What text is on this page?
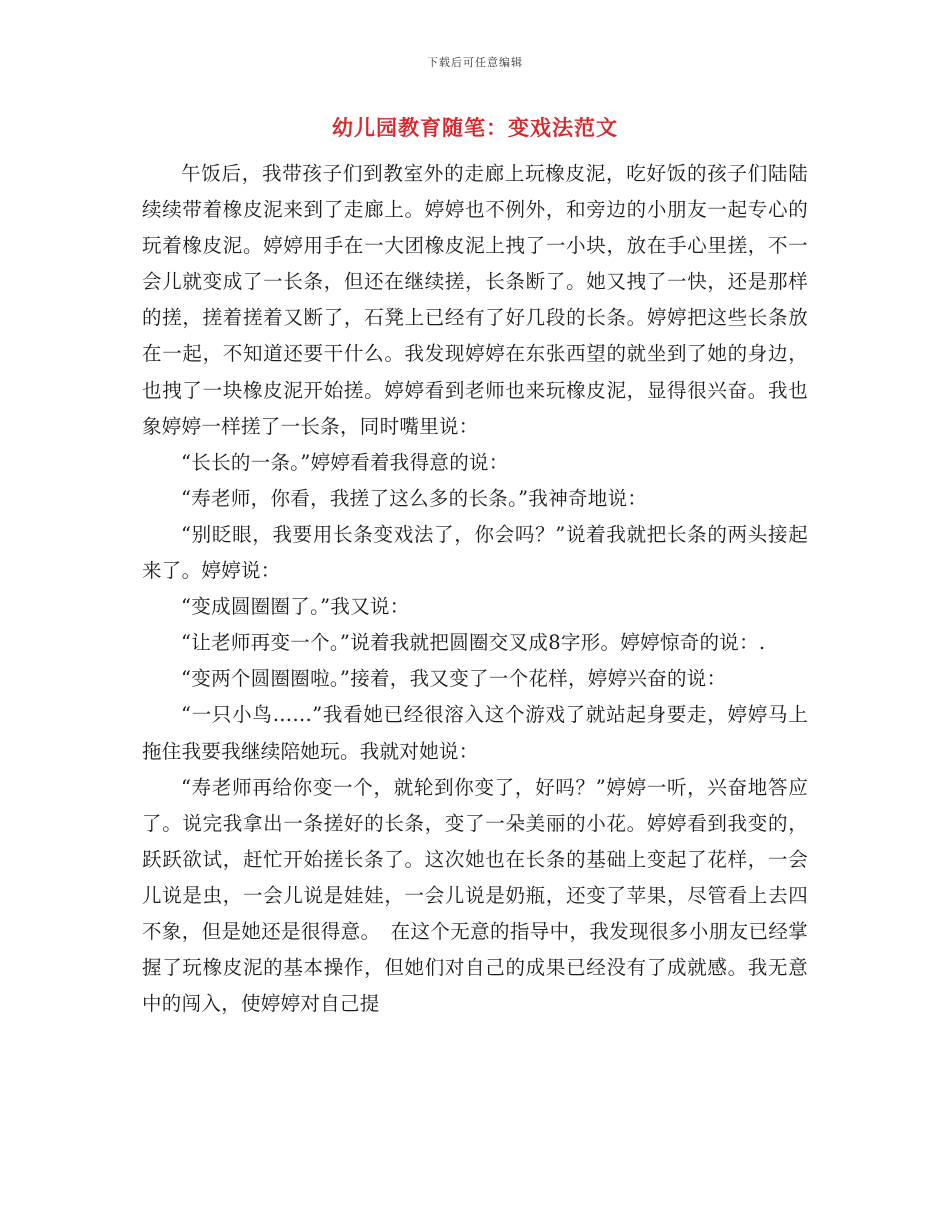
下载后可任意编辑
幼儿园教育随笔：变戏法范文

午饭后，我带孩子们到教室外的走廊上玩橡皮泥，吃好饭的孩子们陆陆续续带着橡皮泥来到了走廊上。婷婷也不例外，和旁边的小朋友一起专心的玩着橡皮泥。婷婷用手在一大团橡皮泥上拽了一小块，放在手心里搓，不一会儿就变成了一长条，但还在继续搓，长条断了。她又拽了一快，还是那样的搓，搓着搓着又断了，石凳上已经有了好几段的长条。婷婷把这些长条放在一起，不知道还要干什么。我发现婷婷在东张西望的就坐到了她的身边，也拽了一块橡皮泥开始搓。婷婷看到老师也来玩橡皮泥，显得很兴奋。我也象婷婷一样搓了一长条，同时嘴里说：

“长长的一条。”婷婷看着我得意的说：

“寿老师，你看，我搓了这么多的长条。”我神奇地说：

“别眨眼，我要用长条变戏法了，你会吗？”说着我就把长条的两头接起来了。婷婷说：

“变成圆圈圈了。”我又说：

“让老师再变一个。”说着我就把圆圈交叉成8字形。婷婷惊奇的说：.

“变两个圆圈圈啦。”接着，我又变了一个花样，婷婷兴奋的说：

“一只小鸟……”我看她已经很溶入这个游戏了就站起身要走，婷婷马上拖住我要我继续陪她玩。我就对她说：

“寿老师再给你变一个，就轮到你变了，好吗？”婷婷一听，兴奋地答应了。说完我拿出一条搓好的长条，变了一朵美丽的小花。婷婷看到我变的，跃跃欲试，赶忙开始搓长条了。这次她也在长条的基础上变起了花样，一会儿说是虫，一会儿说是娃娃，一会儿说是奶瓶，还变了苹果，尽管看上去四不象，但是她还是很得意。　在这个无意的指导中，我发现很多小朋友已经掌握了玩橡皮泥的基本操作，但她们对自己的成果已经没有了成就感。我无意中的闯入，使婷婷对自己提
